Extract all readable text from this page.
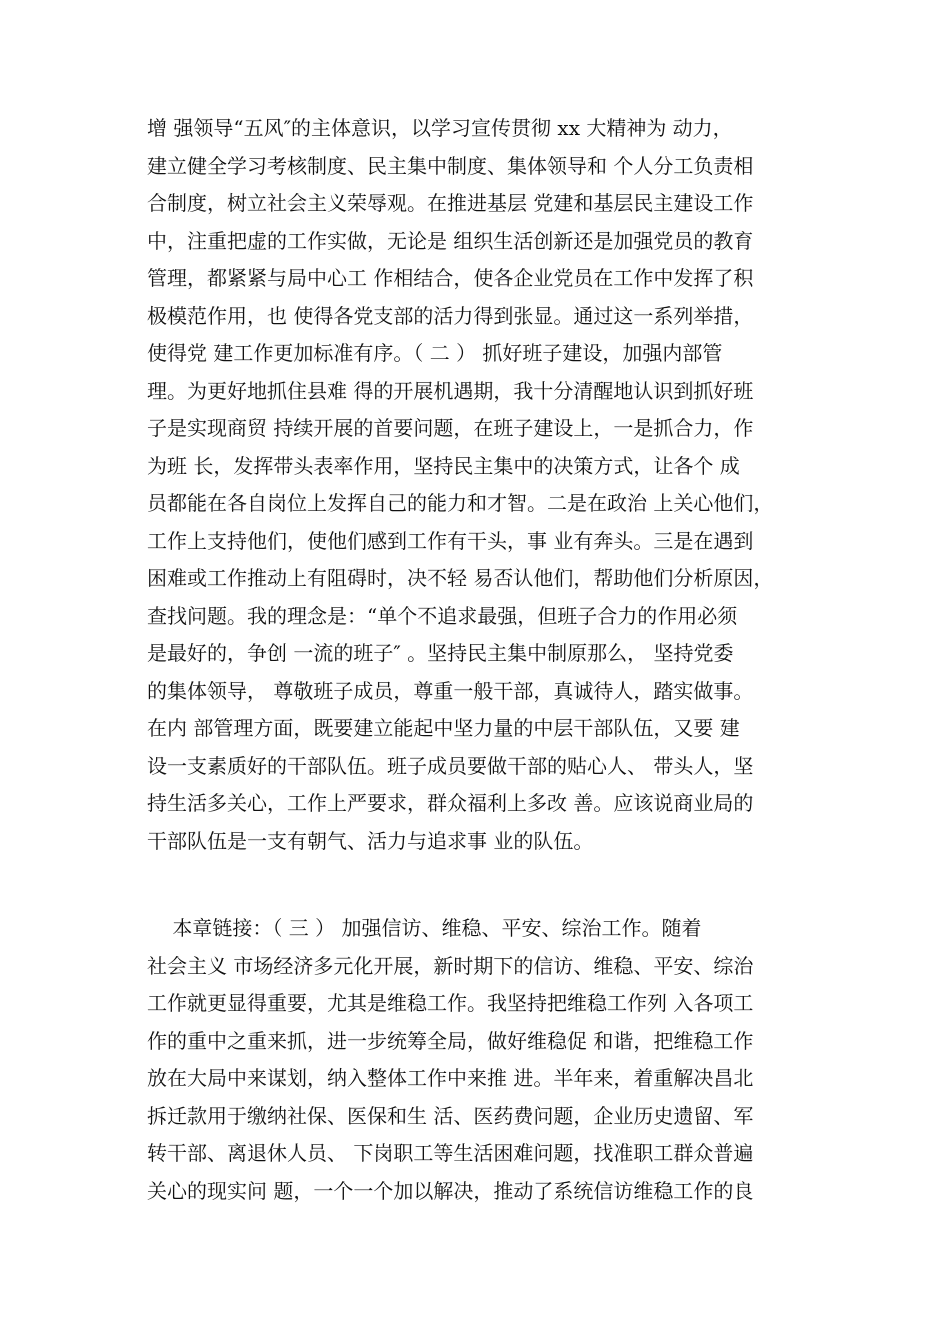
增 强领导“五风″的主体意识，以学习宣传贯彻 xx 大精神为 动力，
建立健全学习考核制度、民主集中制度、集体领导和 个人分工负责相
合制度，树立社会主义荣辱观。在推进基层 党建和基层民主建设工作
中，注重把虚的工作实做，无论是 组织生活创新还是加强党员的教育
管理，都紧紧与局中心工 作相结合，使各企业党员在工作中发挥了积
极模范作用，也 使得各党支部的活力得到张显。通过这一系列举措，
使得党 建工作更加标准有序。（ 二 ） 抓好班子建设，加强内部管
理。为更好地抓住县难 得的开展机遇期，我十分清醒地认识到抓好班
子是实现商贸 持续开展的首要问题，在班子建设上，一是抓合力，作
为班 长，发挥带头表率作用，坚持民主集中的决策方式，让各个 成
员都能在各自岗位上发挥自己的能力和才智。二是在政治 上关心他们，
工作上支持他们，使他们感到工作有干头，事 业有奔头。三是在遇到
困难或工作推动上有阻碍时，决不轻 易否认他们，帮助他们分析原因，
查找问题。我的理念是：“单个不追求最强，但班子合力的作用必须
是最好的，争创 一流的班子″ 。坚持民主集中制原那么， 坚持党委
的集体领导， 尊敬班子成员，尊重一般干部，真诚待人，踏实做事。
在内 部管理方面，既要建立能起中坚力量的中层干部队伍，又要 建
设一支素质好的干部队伍。班子成员要做干部的贴心人、 带头人，坚
持生活多关心，工作上严要求，群众福利上多改 善。应该说商业局的
干部队伍是一支有朝气、活力与追求事 业的队伍。
本章链接：（ 三 ） 加强信访、维稳、平安、综治工作。随着
社会主义 市场经济多元化开展，新时期下的信访、维稳、平安、综治
工作就更显得重要，尤其是维稳工作。我坚持把维稳工作列 入各项工
作的重中之重来抓，进一步统筹全局，做好维稳促 和谐，把维稳工作
放在大局中来谋划，纳入整体工作中来推 进。半年来，着重解决昌北
拆迁款用于缴纳社保、医保和生 活、医药费问题，企业历史遗留、军
转干部、离退休人员、 下岗职工等生活困难问题，找准职工群众普遍
关心的现实问 题，一个一个加以解决，推动了系统信访维稳工作的良
